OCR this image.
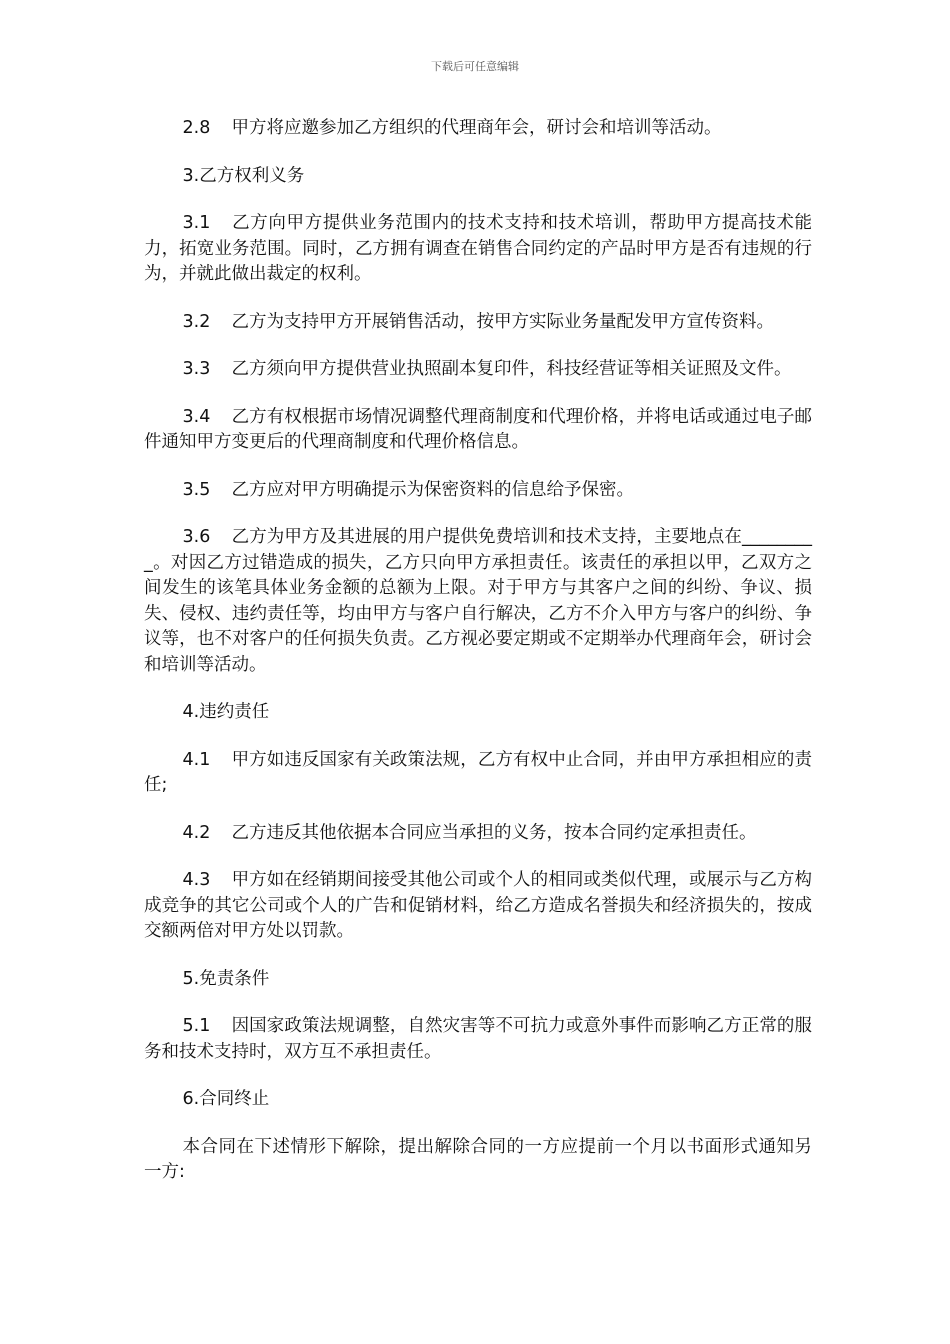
下载后可任意编辑

2.8 甲方将应邀参加乙方组织的代理商年会，研讨会和培训等活动。

3.乙方权利义务

3.1 乙方向甲方提供业务范围内的技术支持和技术培训，帮助甲方提高技术能力，拓宽业务范围。同时，乙方拥有调查在销售合同约定的产品时甲方是否有违规的行为，并就此做出裁定的权利。

3.2 乙方为支持甲方开展销售活动，按甲方实际业务量配发甲方宣传资料。

3.3 乙方须向甲方提供营业执照副本复印件，科技经营证等相关证照及文件。

3.4 乙方有权根据市场情况调整代理商制度和代理价格，并将电话或通过电子邮件通知甲方变更后的代理商制度和代理价格信息。

3.5 乙方应对甲方明确提示为保密资料的信息给予保密。

3.6 乙方为甲方及其进展的用户提供免费培训和技术支持，主要地点在_________。对因乙方过错造成的损失，乙方只向甲方承担责任。该责任的承担以甲，乙双方之间发生的该笔具体业务金额的总额为上限。对于甲方与其客户之间的纠纷、争议、损失、侵权、违约责任等，均由甲方与客户自行解决，乙方不介入甲方与客户的纠纷、争议等，也不对客户的任何损失负责。乙方视必要定期或不定期举办代理商年会，研讨会和培训等活动。

4.违约责任

4.1 甲方如违反国家有关政策法规，乙方有权中止合同，并由甲方承担相应的责任;

4.2 乙方违反其他依据本合同应当承担的义务，按本合同约定承担责任。

4.3 甲方如在经销期间接受其他公司或个人的相同或类似代理，或展示与乙方构成竞争的其它公司或个人的广告和促销材料，给乙方造成名誉损失和经济损失的，按成交额两倍对甲方处以罚款。

5.免责条件

5.1 因国家政策法规调整，自然灾害等不可抗力或意外事件而影响乙方正常的服务和技术支持时，双方互不承担责任。

6.合同终止

本合同在下述情形下解除，提出解除合同的一方应提前一个月以书面形式通知另一方:
